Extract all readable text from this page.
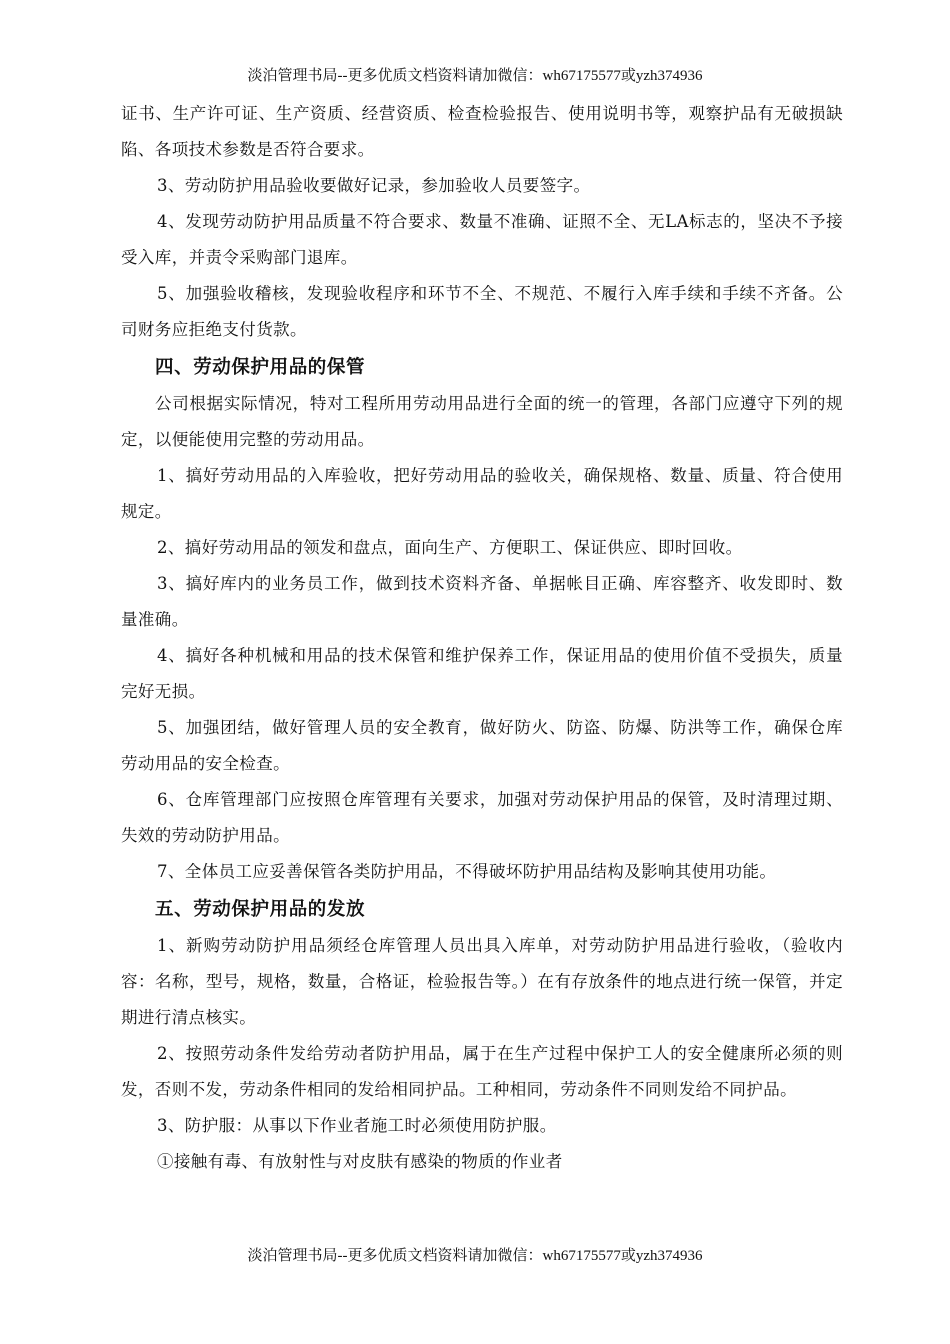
淡泊管理书局--更多优质文档资料请加微信：wh67175577或yzh374936

证书、生产许可证、生产资质、经营资质、检查检验报告、使用说明书等，观察护品有无破损缺陷、各项技术参数是否符合要求。

3、劳动防护用品验收要做好记录，参加验收人员要签字。

4、发现劳动防护用品质量不符合要求、数量不准确、证照不全、无LA标志的，坚决不予接受入库，并责令采购部门退库。

5、加强验收稽核，发现验收程序和环节不全、不规范、不履行入库手续和手续不齐备。公司财务应拒绝支付货款。

四、劳动保护用品的保管

公司根据实际情况，特对工程所用劳动用品进行全面的统一的管理，各部门应遵守下列的规定，以便能使用完整的劳动用品。

1、搞好劳动用品的入库验收，把好劳动用品的验收关，确保规格、数量、质量、符合使用规定。

2、搞好劳动用品的领发和盘点，面向生产、方便职工、保证供应、即时回收。

3、搞好库内的业务员工作，做到技术资料齐备、单据帐目正确、库容整齐、收发即时、数量准确。

4、搞好各种机械和用品的技术保管和维护保养工作，保证用品的使用价值不受损失，质量完好无损。

5、加强团结，做好管理人员的安全教育，做好防火、防盗、防爆、防洪等工作，确保仓库劳动用品的安全检查。

6、仓库管理部门应按照仓库管理有关要求，加强对劳动保护用品的保管，及时清理过期、失效的劳动防护用品。

7、全体员工应妥善保管各类防护用品，不得破坏防护用品结构及影响其使用功能。

五、劳动保护用品的发放

1、新购劳动防护用品须经仓库管理人员出具入库单，对劳动防护用品进行验收，（验收内容：名称，型号，规格，数量，合格证，检验报告等。）在有存放条件的地点进行统一保管，并定期进行清点核实。

2、按照劳动条件发给劳动者防护用品，属于在生产过程中保护工人的安全健康所必须的则发，否则不发，劳动条件相同的发给相同护品。工种相同，劳动条件不同则发给不同护品。

3、防护服：从事以下作业者施工时必须使用防护服。

①接触有毒、有放射性与对皮肤有感染的物质的作业者

淡泊管理书局--更多优质文档资料请加微信：wh67175577或yzh374936
